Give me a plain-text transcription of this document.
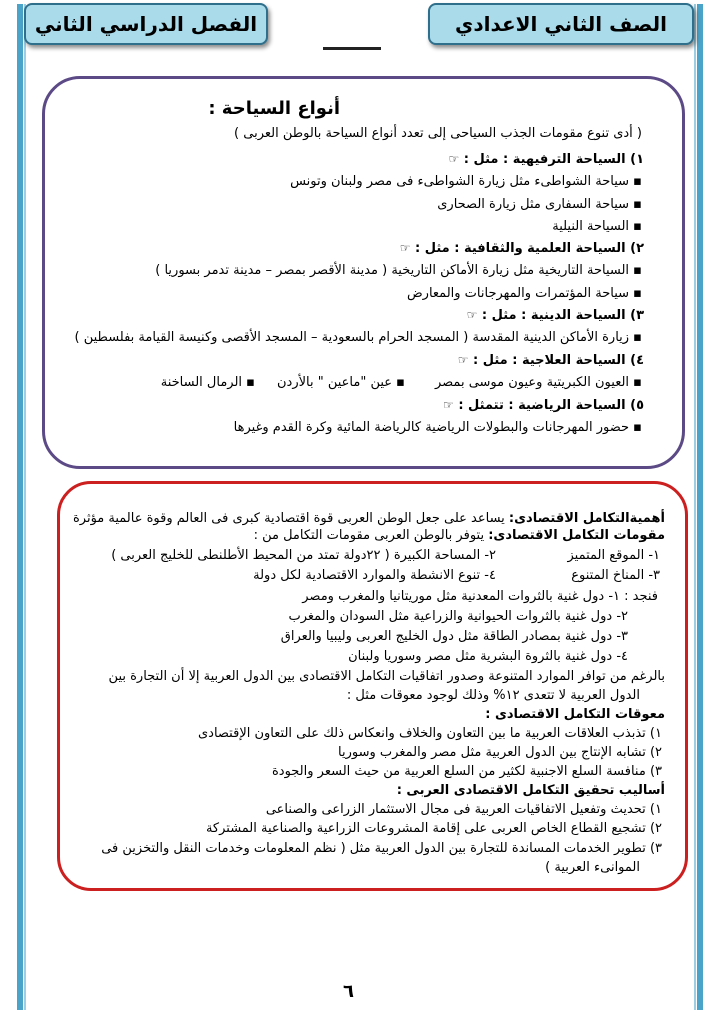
الصف الثاني الاعدادي
الفصل الدراسي الثاني
أنواع السياحة :
( أدى تنوع مقومات الجذب السياحى إلى تعدد أنواع السياحة بالوطن العربى )
١) السياحة الترفيهية : مثل : ☞
▪ سياحة الشواطىء مثل زيارة الشواطىء فى مصر ولبنان وتونس
▪ سياحة السفارى مثل زيارة الصحارى
▪ السياحة النيلية
٢) السياحة العلمية والثقافية : مثل : ☞
▪ السياحة التاريخية مثل زيارة الأماكن التاريخية ( مدينة الأقصر بمصر – مدينة تدمر بسوريا )
▪ سياحة المؤتمرات والمهرجانات والمعارض
٣) السياحة الدينية : مثل : ☞
▪ زيارة الأماكن الدينية المقدسة ( المسجد الحرام بالسعودية – المسجد الأقصى وكنيسة القيامة بفلسطين )
٤) السياحة العلاجية : مثل : ☞
▪ العيون الكبريتية وعيون موسى بمصر
▪ عين "ماعين " بالأردن
▪ الرمال الساخنة
٥) السياحة الرياضية : تتمثل : ☞
▪ حضور المهرجانات والبطولات الرياضية كالرياضة المائية وكرة القدم وغيرها
أهميةالتكامل الاقتصادى: يساعد على جعل الوطن العربى قوة اقتصادية كبرى فى العالم وقوة عالمية مؤثرة
مقومات التكامل الاقتصادى: يتوفر بالوطن العربى مقومات التكامل من :
١- الموقع المتميز
٢- المساحة الكبيرة ( ٢٢دولة تمتد من المحيط الأطلنطى للخليج العربى )
٣- المناخ المتنوع
٤- تنوع الانشطة والموارد الاقتصادية لكل دولة
فنجد : ١- دول غنية بالثروات المعدنية مثل موريتانيا والمغرب ومصر
٢- دول غنية بالثروات الحيوانية والزراعية مثل السودان والمغرب
٣- دول غنية بمصادر الطاقة مثل دول الخليج العربى وليبيا والعراق
٤- دول غنية بالثروة البشرية مثل مصر وسوريا ولبنان
بالرغم من توافر الموارد المتنوعة وصدور اتفاقيات التكامل الاقتصادى بين الدول العربية إلا أن التجارة بين
الدول العربية لا تتعدى ١٢% وذلك لوجود معوقات مثل :
معوقات التكامل الاقتصادى :
١) تذبذب العلاقات العربية ما بين التعاون والخلاف وانعكاس ذلك على التعاون الإقتصادى
٢) تشابه الإنتاج بين الدول العربية مثل مصر والمغرب وسوريا
٣) منافسة السلع الاجنبية لكثير من السلع العربية من حيث السعر والجودة
أساليب تحقيق التكامل الاقتصادى العربى :
١) تحديث وتفعيل الاتفاقيات العربية فى مجال الاستثمار الزراعى والصناعى
٢) تشجيع القطاع الخاص العربى على إقامة المشروعات الزراعية والصناعية المشتركة
٣) تطوير الخدمات المساندة للتجارة بين الدول العربية مثل ( نظم المعلومات وخدمات النقل والتخزين فى
الموانىء العربية )
٦
